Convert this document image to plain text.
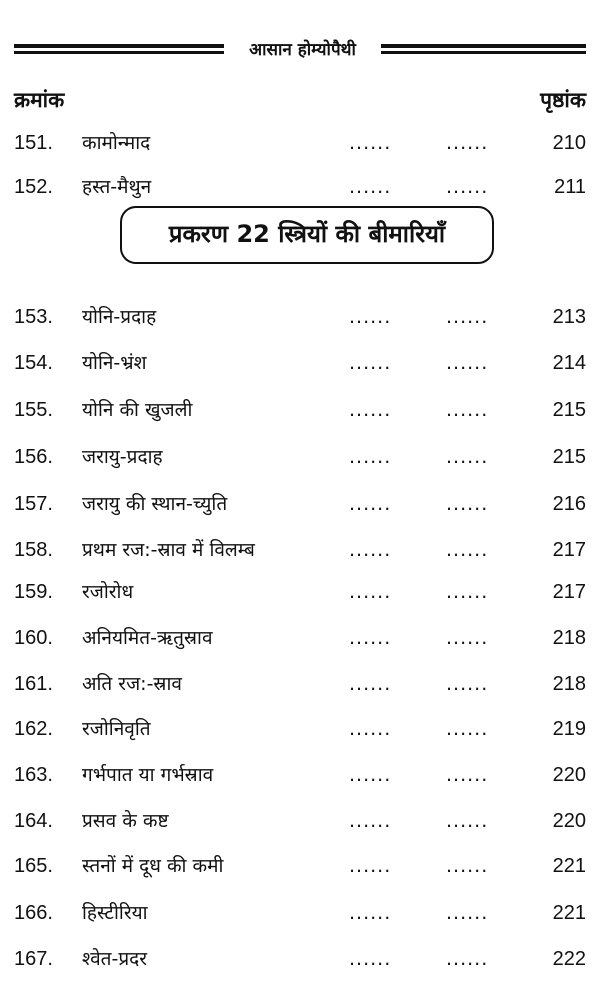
आसान होम्योपैथी
क्रमांक	पृष्ठांक
151. कामोन्माद	......	......	210
152. हस्त-मैथुन	......	......	211
प्रकरण 22 स्त्रियों की बीमारियाँ
153. योनि-प्रदाह	......	......	213
154. योनि-भ्रंश	......	......	214
155. योनि की खुजली	......	......	215
156. जरायु-प्रदाह	......	......	215
157. जरायु की स्थान-च्युति	......	......	216
158. प्रथम रज:-स्राव में विलम्ब	......	......	217
159. रजोरोध	......	......	217
160. अनियमित-ऋतुस्राव	......	......	218
161. अति रज:-स्राव	......	......	218
162. रजोनिवृति	......	......	219
163. गर्भपात या गर्भस्राव	......	......	220
164. प्रसव के कष्ट	......	......	220
165. स्तनों में दूध की कमी	......	......	221
166. हिस्टीरिया	......	......	221
167. श्वेत-प्रदर	......	......	222
